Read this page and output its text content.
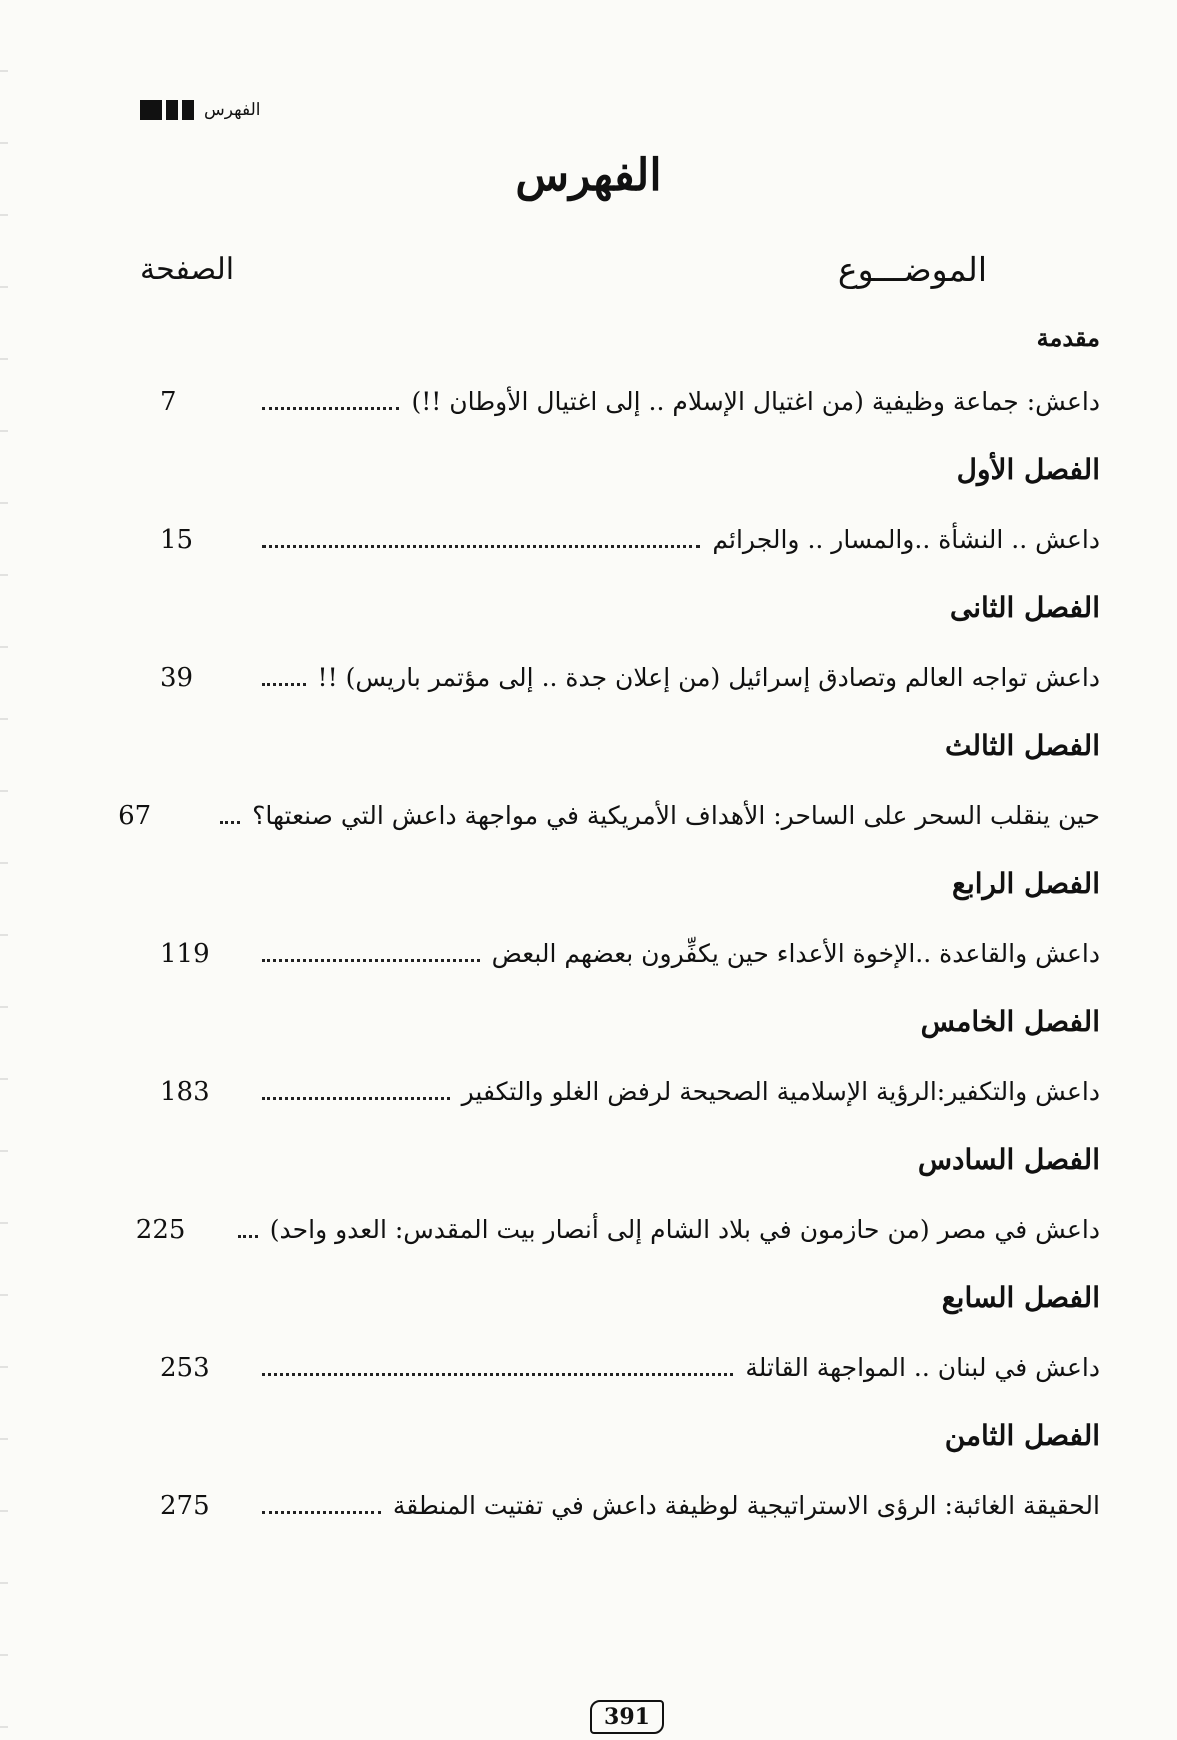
الفهرس
الفهرس
الموضـــوع
الصفحة
مقدمة
داعش: جماعة وظيفية (من اغتيال الإسلام .. إلى اغتيال الأوطان !!)
7
الفصل الأول
داعش .. النشأة ..والمسار .. والجرائم
15
الفصل الثانى
داعش تواجه العالم وتصادق إسرائيل (من إعلان جدة .. إلى مؤتمر باريس) !!
39
الفصل الثالث
حين ينقلب السحر على الساحر: الأهداف الأمريكية في مواجهة داعش التي صنعتها؟
67
الفصل الرابع
داعش والقاعدة ..الإخوة الأعداء حين يكفِّرون بعضهم البعض
119
الفصل الخامس
داعش والتكفير:الرؤية الإسلامية الصحيحة لرفض الغلو والتكفير
183
الفصل السادس
داعش في مصر (من حازمون في بلاد الشام إلى أنصار بيت المقدس: العدو واحد)
225
الفصل السابع
داعش في لبنان .. المواجهة القاتلة
253
الفصل الثامن
الحقيقة الغائبة: الرؤى الاستراتيجية لوظيفة داعش في تفتيت المنطقة
275
391
